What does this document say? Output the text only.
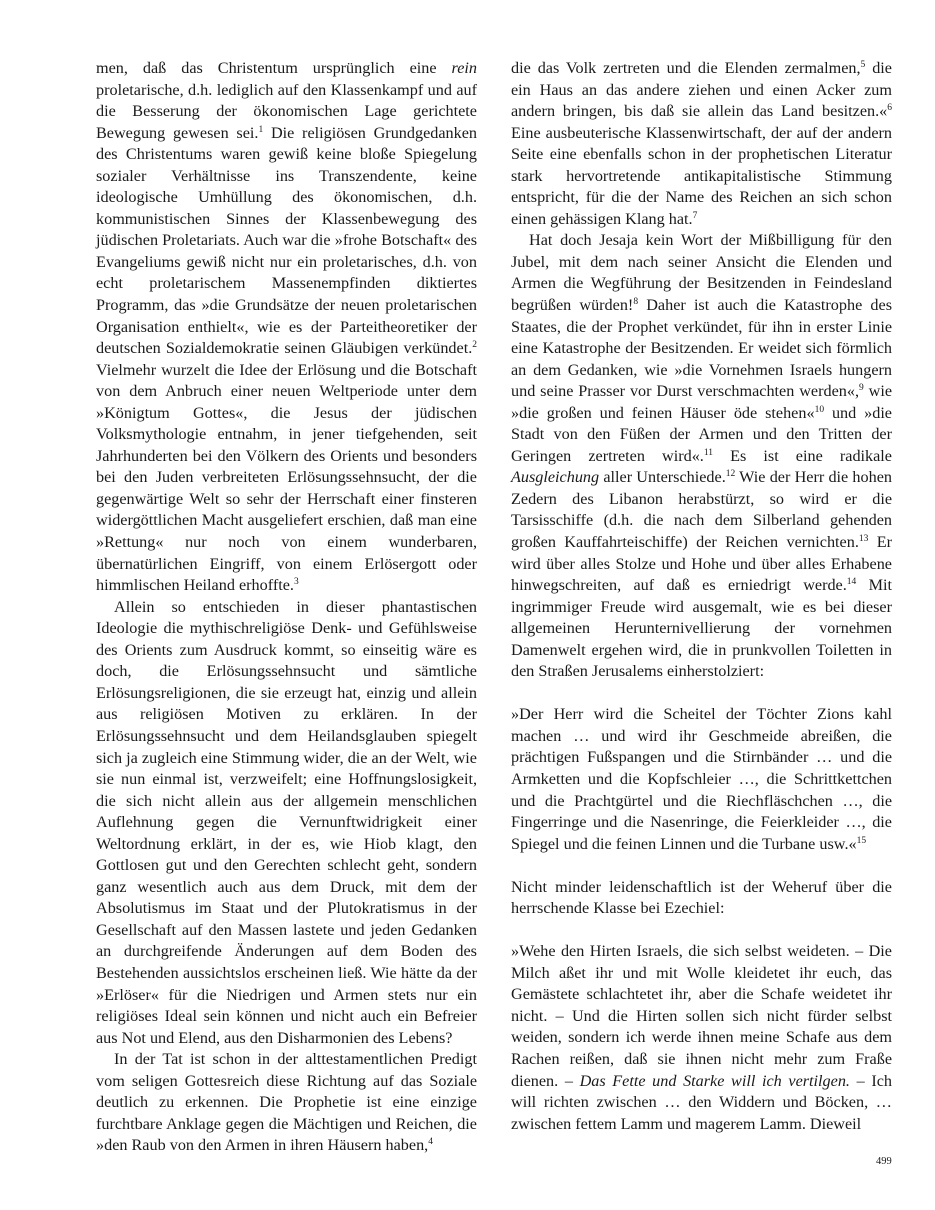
men, daß das Christentum ursprünglich eine rein proletarische, d.h. lediglich auf den Klassenkampf und auf die Besserung der ökonomischen Lage gerichtete Bewegung gewesen sei.$^1$ Die religiösen Grundgedanken des Christentums waren gewiß keine bloße Spiegelung sozialer Verhältnisse ins Transzendente, keine ideologische Umhüllung des ökonomischen, d.h. kommunistischen Sinnes der Klassenbewegung des jüdischen Proletariats. Auch war die »frohe Botschaft« des Evangeliums gewiß nicht nur ein proletarisches, d.h. von echt proletarischem Massenempfinden diktiertes Programm, das »die Grundsätze der neuen proletarischen Organisation enthielt«, wie es der Parteitheoretiker der deutschen Sozialdemokratie seinen Gläubigen verkündet.$^2$ Vielmehr wurzelt die Idee der Erlösung und die Botschaft von dem Anbruch einer neuen Weltperiode unter dem »Königtum Gottes«, die Jesus der jüdischen Volksmythologie entnahm, in jener tiefgehenden, seit Jahrhunderten bei den Völkern des Orients und besonders bei den Juden verbreiteten Erlösungssehnsucht, der die gegenwärtige Welt so sehr der Herrschaft einer finsteren widergöttlichen Macht ausgeliefert erschien, daß man eine »Rettung« nur noch von einem wunderbaren, übernatürlichen Eingriff, von einem Erlösergott oder himmlischen Heiland erhoffte.$^3$

Allein so entschieden in dieser phantastischen Ideologie die mythischreligiöse Denk- und Gefühlsweise des Orients zum Ausdruck kommt, so einseitig wäre es doch, die Erlösungssehnsucht und sämtliche Erlösungsreligionen, die sie erzeugt hat, einzig und allein aus religiösen Motiven zu erklären. In der Erlösungssehnsucht und dem Heilandsglauben spiegelt sich ja zugleich eine Stimmung wider, die an der Welt, wie sie nun einmal ist, verzweifelt; eine Hoffnungslosigkeit, die sich nicht allein aus der allgemein menschlichen Auflehnung gegen die Vernunftwidrigkeit einer Weltordnung erklärt, in der es, wie Hiob klagt, den Gottlosen gut und den Gerechten schlecht geht, sondern ganz wesentlich auch aus dem Druck, mit dem der Absolutismus im Staat und der Plutokratismus in der Gesellschaft auf den Massen lastete und jeden Gedanken an durchgreifende Änderungen auf dem Boden des Bestehenden aussichtslos erscheinen ließ. Wie hätte da der »Erlöser« für die Niedrigen und Armen stets nur ein religiöses Ideal sein können und nicht auch ein Befreier aus Not und Elend, aus den Disharmonien des Lebens?

In der Tat ist schon in der alttestamentlichen Predigt vom seligen Gottesreich diese Richtung auf das Soziale deutlich zu erkennen. Die Prophetie ist eine einzige furchtbare Anklage gegen die Mächtigen und Reichen, die »den Raub von den Armen in ihren Häusern haben,$^4$

die das Volk zertreten und die Elenden zermalmen,$^5$ die ein Haus an das andere ziehen und einen Acker zum andern bringen, bis daß sie allein das Land besitzen.«$^6$ Eine ausbeuterische Klassenwirtschaft, der auf der andern Seite eine ebenfalls schon in der prophetischen Literatur stark hervortretende antikapitalistische Stimmung entspricht, für die der Name des Reichen an sich schon einen gehässigen Klang hat.$^7$

Hat doch Jesaja kein Wort der Mißbilligung für den Jubel, mit dem nach seiner Ansicht die Elenden und Armen die Wegführung der Besitzenden in Feindesland begrüßen würden!$^8$ Daher ist auch die Katastrophe des Staates, die der Prophet verkündet, für ihn in erster Linie eine Katastrophe der Besitzenden. Er weidet sich förmlich an dem Gedanken, wie »die Vornehmen Israels hungern und seine Prasser vor Durst verschmachten werden«,$^9$ wie »die großen und feinen Häuser öde stehen«$^{10}$ und »die Stadt von den Füßen der Armen und den Tritten der Geringen zertreten wird«.$^{11}$ Es ist eine radikale Ausgleichung aller Unterschiede.$^{12}$ Wie der Herr die hohen Zedern des Libanon herabstürzt, so wird er die Tarsisschiffe (d.h. die nach dem Silberland gehenden großen Kauffahrteischiffe) der Reichen vernichten.$^{13}$ Er wird über alles Stolze und Hohe und über alles Erhabene hinwegschreiten, auf daß es erniedrigt werde.$^{14}$ Mit ingrimmiger Freude wird ausgemalt, wie es bei dieser allgemeinen Herunternivellierung der vornehmen Damenwelt ergehen wird, die in prunkvollen Toiletten in den Straßen Jerusalems einherstolziert:

»Der Herr wird die Scheitel der Töchter Zions kahl machen … und wird ihr Geschmeide abreißen, die prächtigen Fußspangen und die Stirnbänder … und die Armketten und die Kopfschleier …, die Schrittkettchen und die Prachtgürtel und die Riechfläschchen …, die Fingerringe und die Nasenringe, die Feierkleider …, die Spiegel und die feinen Linnen und die Turbane usw.«$^{15}$

Nicht minder leidenschaftlich ist der Weheruf über die herrschende Klasse bei Ezechiel:

»Wehe den Hirten Israels, die sich selbst weideten. – Die Milch aßet ihr und mit Wolle kleidetet ihr euch, das Gemästete schlachtetet ihr, aber die Schafe weidetet ihr nicht. – Und die Hirten sollen sich nicht fürder selbst weiden, sondern ich werde ihnen meine Schafe aus dem Rachen reißen, daß sie ihnen nicht mehr zum Fraße dienen. – Das Fette und Starke will ich vertilgen. – Ich will richten zwischen … den Widdern und Böcken, … zwischen fettem Lamm und magerem Lamm. Dieweil

499
